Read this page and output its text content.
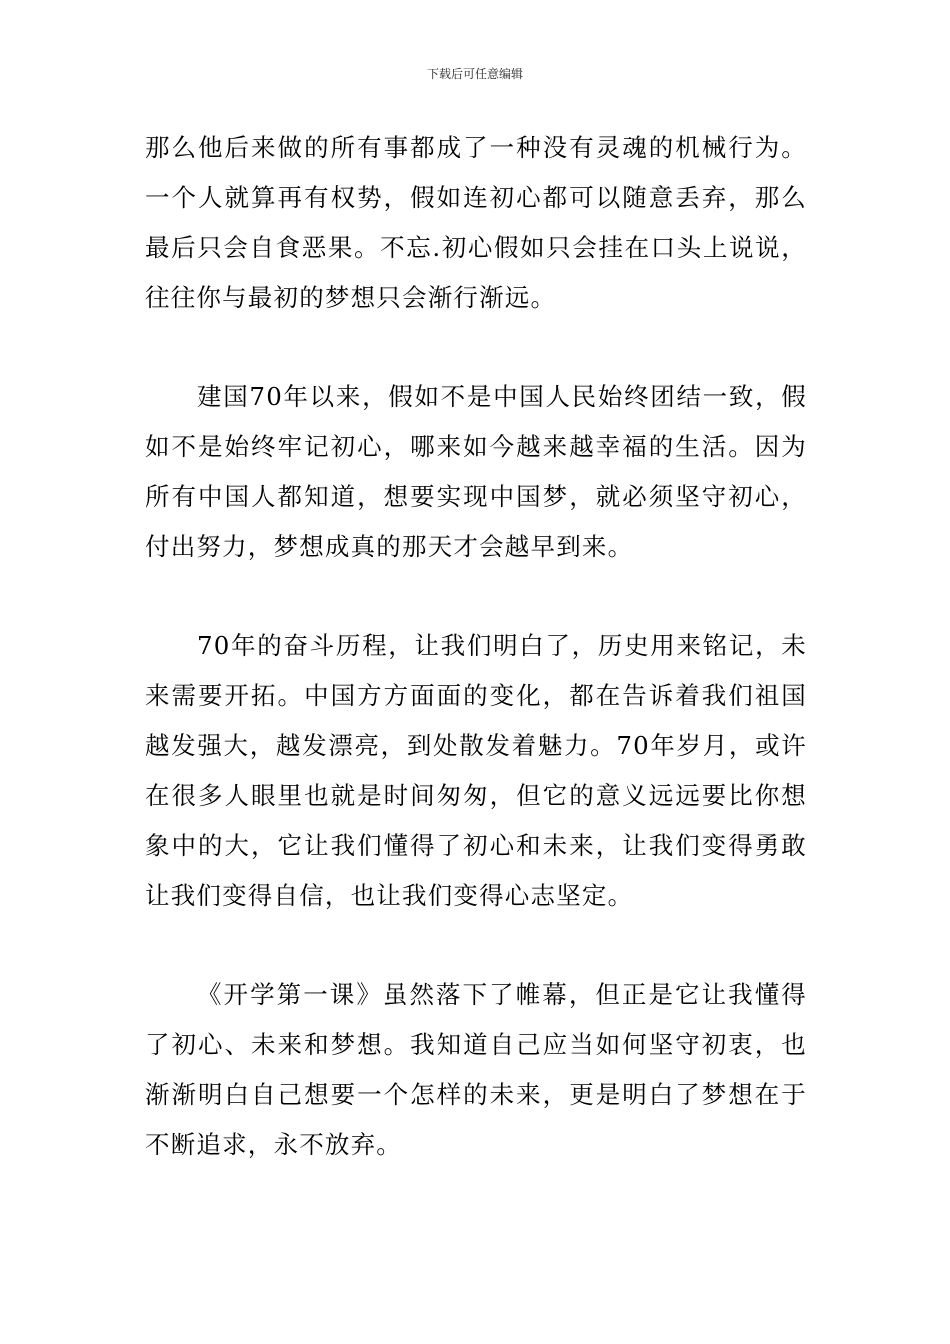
下载后可任意编辑

那么他后来做的所有事都成了一种没有灵魂的机械行为。一个人就算再有权势，假如连初心都可以随意丢弃，那么最后只会自食恶果。不忘.初心假如只会挂在口头上说说，往往你与最初的梦想只会渐行渐远。

建国70年以来，假如不是中国人民始终团结一致，假如不是始终牢记初心，哪来如今越来越幸福的生活。因为所有中国人都知道，想要实现中国梦，就必须坚守初心，付出努力，梦想成真的那天才会越早到来。

70年的奋斗历程，让我们明白了，历史用来铭记，未来需要开拓。中国方方面面的变化，都在告诉着我们祖国越发强大，越发漂亮，到处散发着魅力。70年岁月，或许在很多人眼里也就是时间匆匆，但它的意义远远要比你想象中的大，它让我们懂得了初心和未来，让我们变得勇敢让我们变得自信，也让我们变得心志坚定。

《开学第一课》虽然落下了帷幕，但正是它让我懂得了初心、未来和梦想。我知道自己应当如何坚守初衷，也渐渐明白自己想要一个怎样的未来，更是明白了梦想在于不断追求，永不放弃。
